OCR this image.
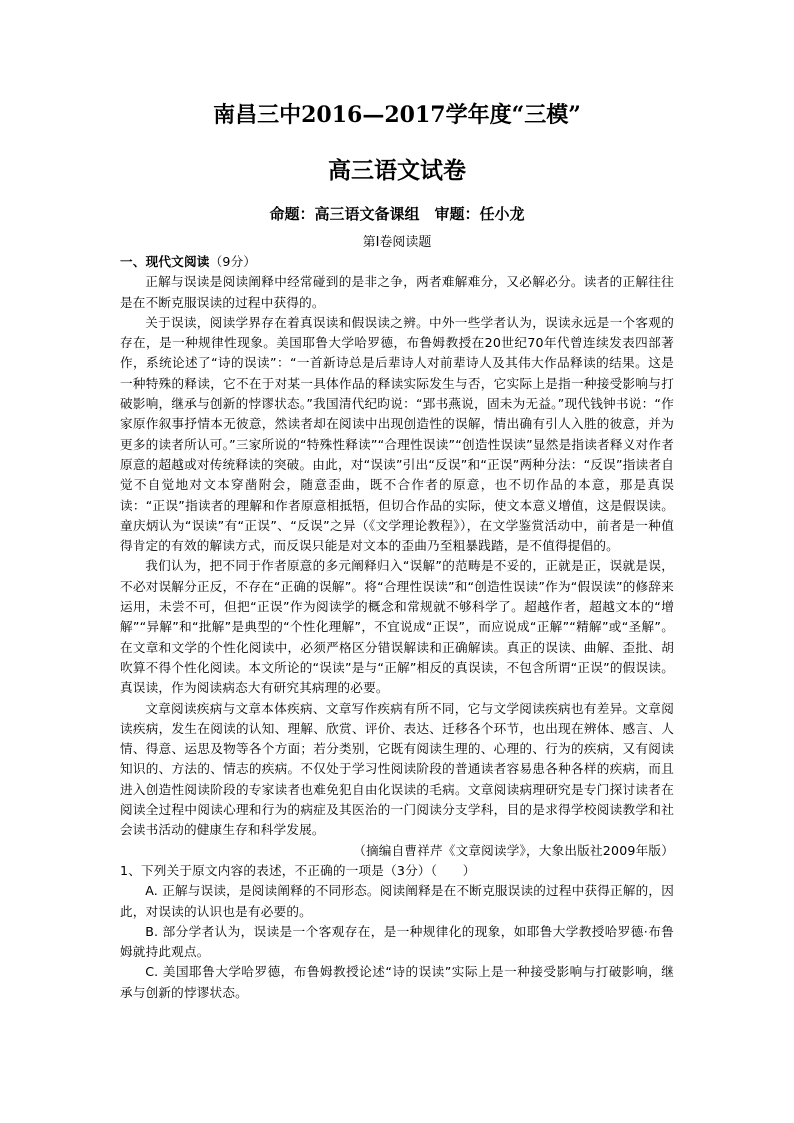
南昌三中2016—2017学年度“三模”
高三语文试卷
命题：高三语文备课组　审题：任小龙
第I卷阅读题

一、现代文阅读（9分）

正解与误读是阅读阐释中经常碰到的是非之争，两者难解难分，又必解必分。读者的正解往往是在不断克服误读的过程中获得的。

关于误读，阅读学界存在着真误读和假误读之辨。中外一些学者认为，误读永远是一个客观的存在，是一种规律性现象。美国耶鲁大学哈罗德，布鲁姆教授在20世纪70年代曾连续发表四部著作，系统论述了“诗的误读”：“一首新诗总是后辈诗人对前辈诗人及其伟大作品释读的结果。这是一种特殊的释读，它不在于对某一具体作品的释读实际发生与否，它实际上是指一种接受影响与打破影响，继承与创新的悖谬状态。”我国清代纪昀说：“郢书燕说，固未为无益。”现代钱钟书说：“作家原作叙事抒情本无彼意，然读者却在阅读中出现创造性的误解，情出确有引人入胜的彼意，并为更多的读者所认可。”三家所说的“特殊性释读”“合理性误读”“创造性误读”显然是指读者释义对作者原意的超越或对传统释读的突破。由此，对“误读”引出“反误”和“正误”两种分法：“反误”指读者自觉不自觉地对文本穿凿附会，随意歪曲，既不合作者的原意，也不切作品的本意，那是真误读：“正误”指读者的理解和作者原意相抵牾，但切合作品的实际，使文本意义增值，这是假误读。童庆炳认为“误读”有“正误”、“反误”之异（《文学理论教程》），在文学鉴赏活动中，前者是一种值得肯定的有效的解读方式，而反误只能是对文本的歪曲乃至粗暴践踏，是不值得提倡的。

我们认为，把不同于作者原意的多元阐释归入“误解”的范畴是不妥的，正就是正，误就是误，不必对误解分正反，不存在“正确的误解”。将“合理性误读”和“创造性误读”作为“假误读”的修辞来运用，未尝不可，但把“正误”作为阅读学的概念和常规就不够科学了。超越作者，超越文本的“增解”“异解”和“批解”是典型的“个性化理解”，不宜说成“正误”，而应说成“正解”“精解”或“圣解”。在文章和文学的个性化阅读中，必须严格区分错误解读和正确解读。真正的误读、曲解、歪批、胡吹算不得个性化阅读。本文所论的“误读”是与“正解”相反的真误读，不包含所谓“正误”的假误读。真误读，作为阅读病态大有研究其病理的必要。

文章阅读疾病与文章本体疾病、文章写作疾病有所不同，它与文学阅读疾病也有差异。文章阅读疾病，发生在阅读的认知、理解、欣赏、评价、表达、迁移各个环节，也出现在辨体、感言、人情、得意、运思及物等各个方面；若分类别，它既有阅读生理的、心理的、行为的疾病，又有阅读知识的、方法的、情志的疾病。不仅处于学习性阅读阶段的普通读者容易患各种各样的疾病，而且进入创造性阅读阶段的专家读者也难免犯自由化误读的毛病。文章阅读病理研究是专门探讨读者在阅读全过程中阅读心理和行为的病症及其医治的一门阅读分支学科，目的是求得学校阅读教学和社会读书活动的健康生存和科学发展。

（摘编自曹祥芹《文章阅读学》，大象出版社2009年版）

1、下列关于原文内容的表述，不正确的一项是（3分）（　　）

A. 正解与误读，是阅读阐释的不同形态。阅读阐释是在不断克服误读的过程中获得正解的，因此，对误读的认识也是有必要的。

B. 部分学者认为，误读是一个客观存在，是一种规律化的现象，如耶鲁大学教授哈罗德·布鲁姆就持此观点。

C. 美国耶鲁大学哈罗德，布鲁姆教授论述“诗的误读”实际上是一种接受影响与打破影响，继承与创新的悖谬状态。
